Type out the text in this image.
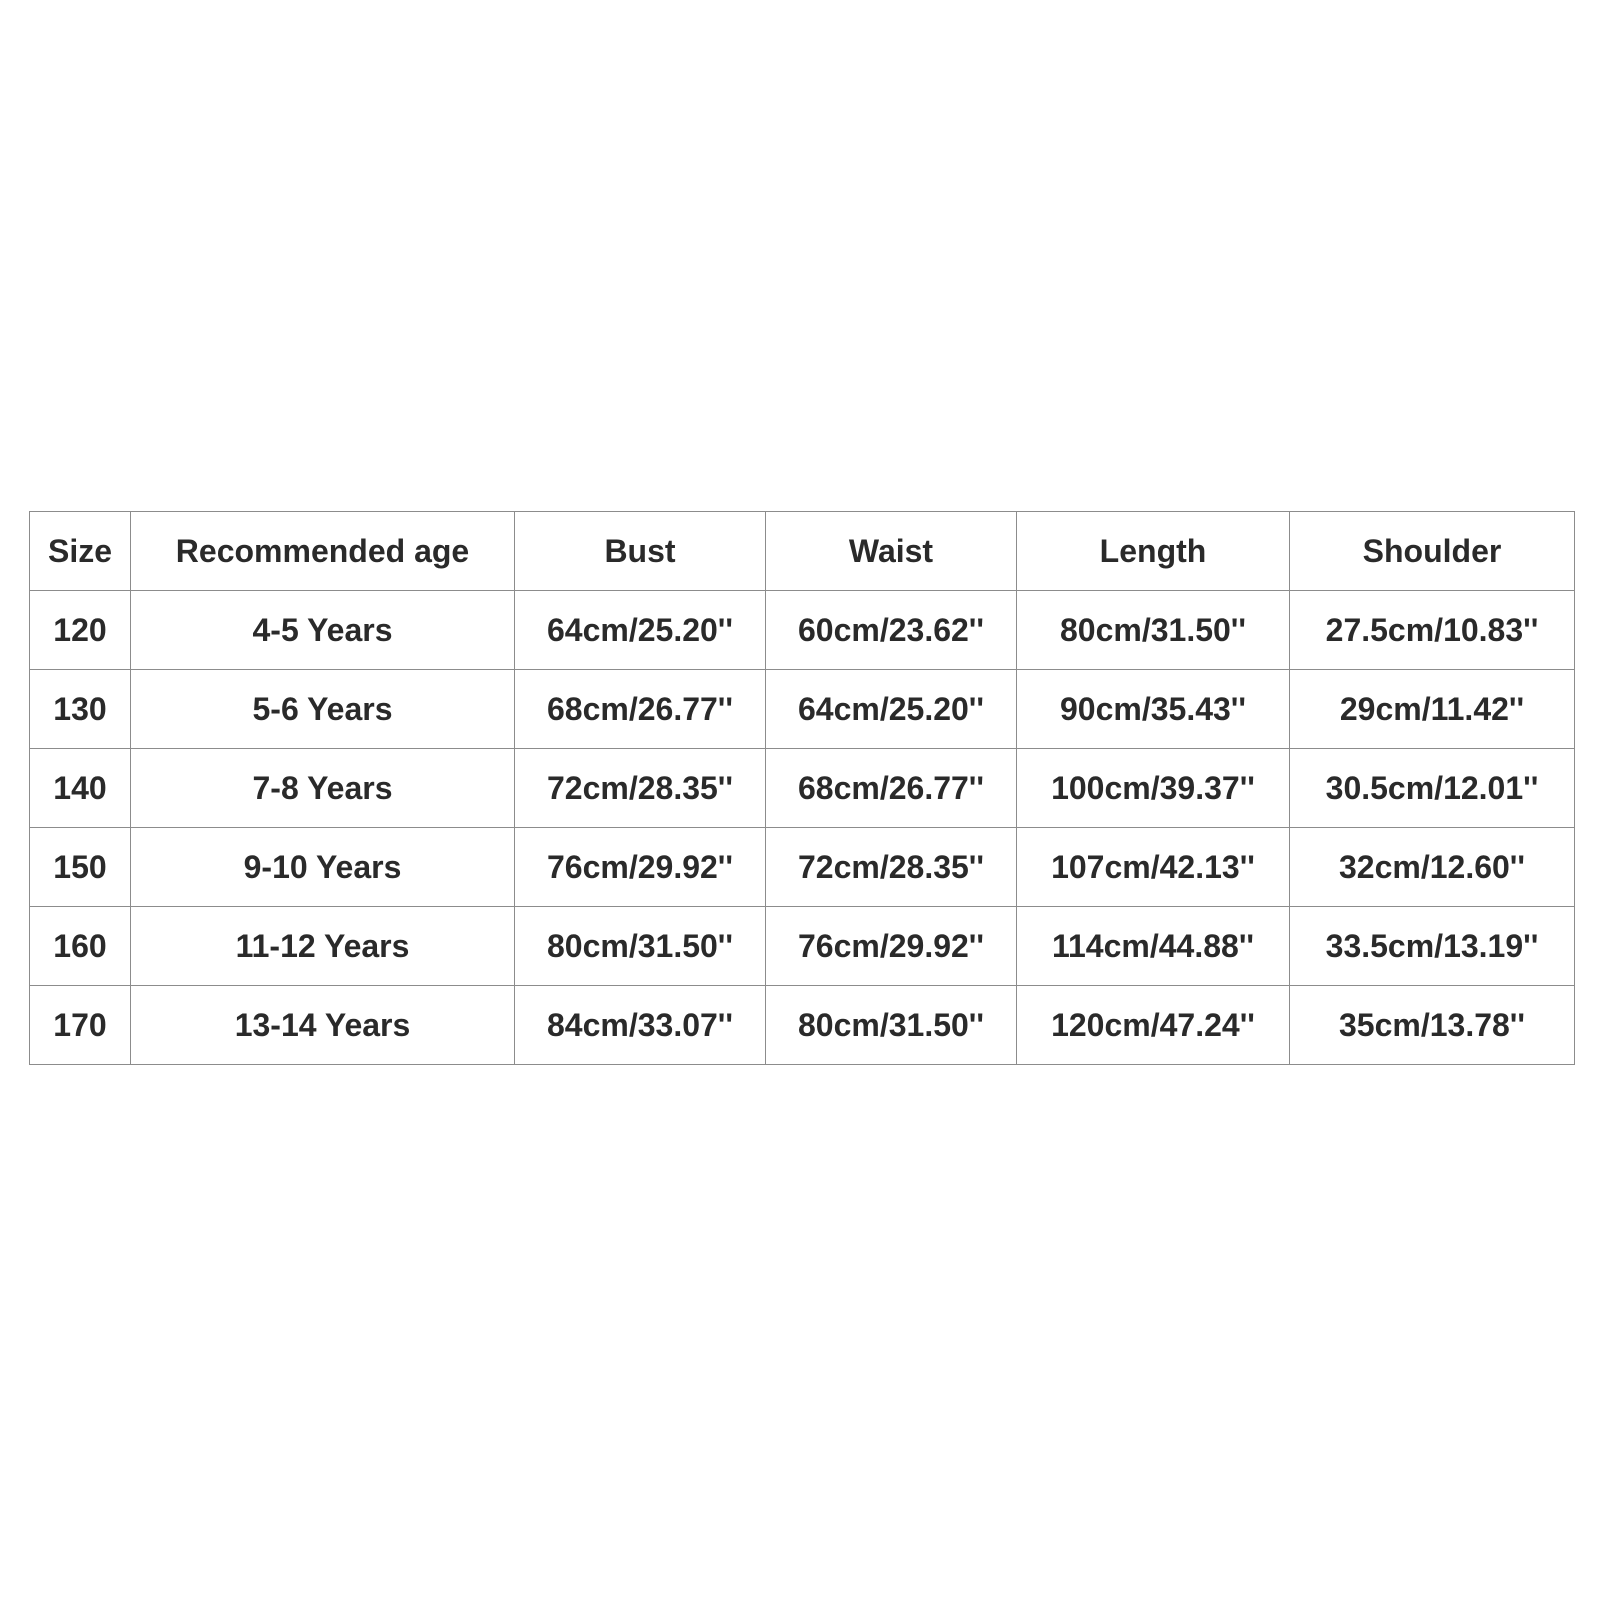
Size	Recommended age	Bust	Waist	Length	Shoulder
120	4-5 Years	64cm/25.20''	60cm/23.62''	80cm/31.50''	27.5cm/10.83''
130	5-6 Years	68cm/26.77''	64cm/25.20''	90cm/35.43''	29cm/11.42''
140	7-8 Years	72cm/28.35''	68cm/26.77''	100cm/39.37''	30.5cm/12.01''
150	9-10 Years	76cm/29.92''	72cm/28.35''	107cm/42.13''	32cm/12.60''
160	11-12 Years	80cm/31.50''	76cm/29.92''	114cm/44.88''	33.5cm/13.19''
170	13-14 Years	84cm/33.07''	80cm/31.50''	120cm/47.24''	35cm/13.78''
